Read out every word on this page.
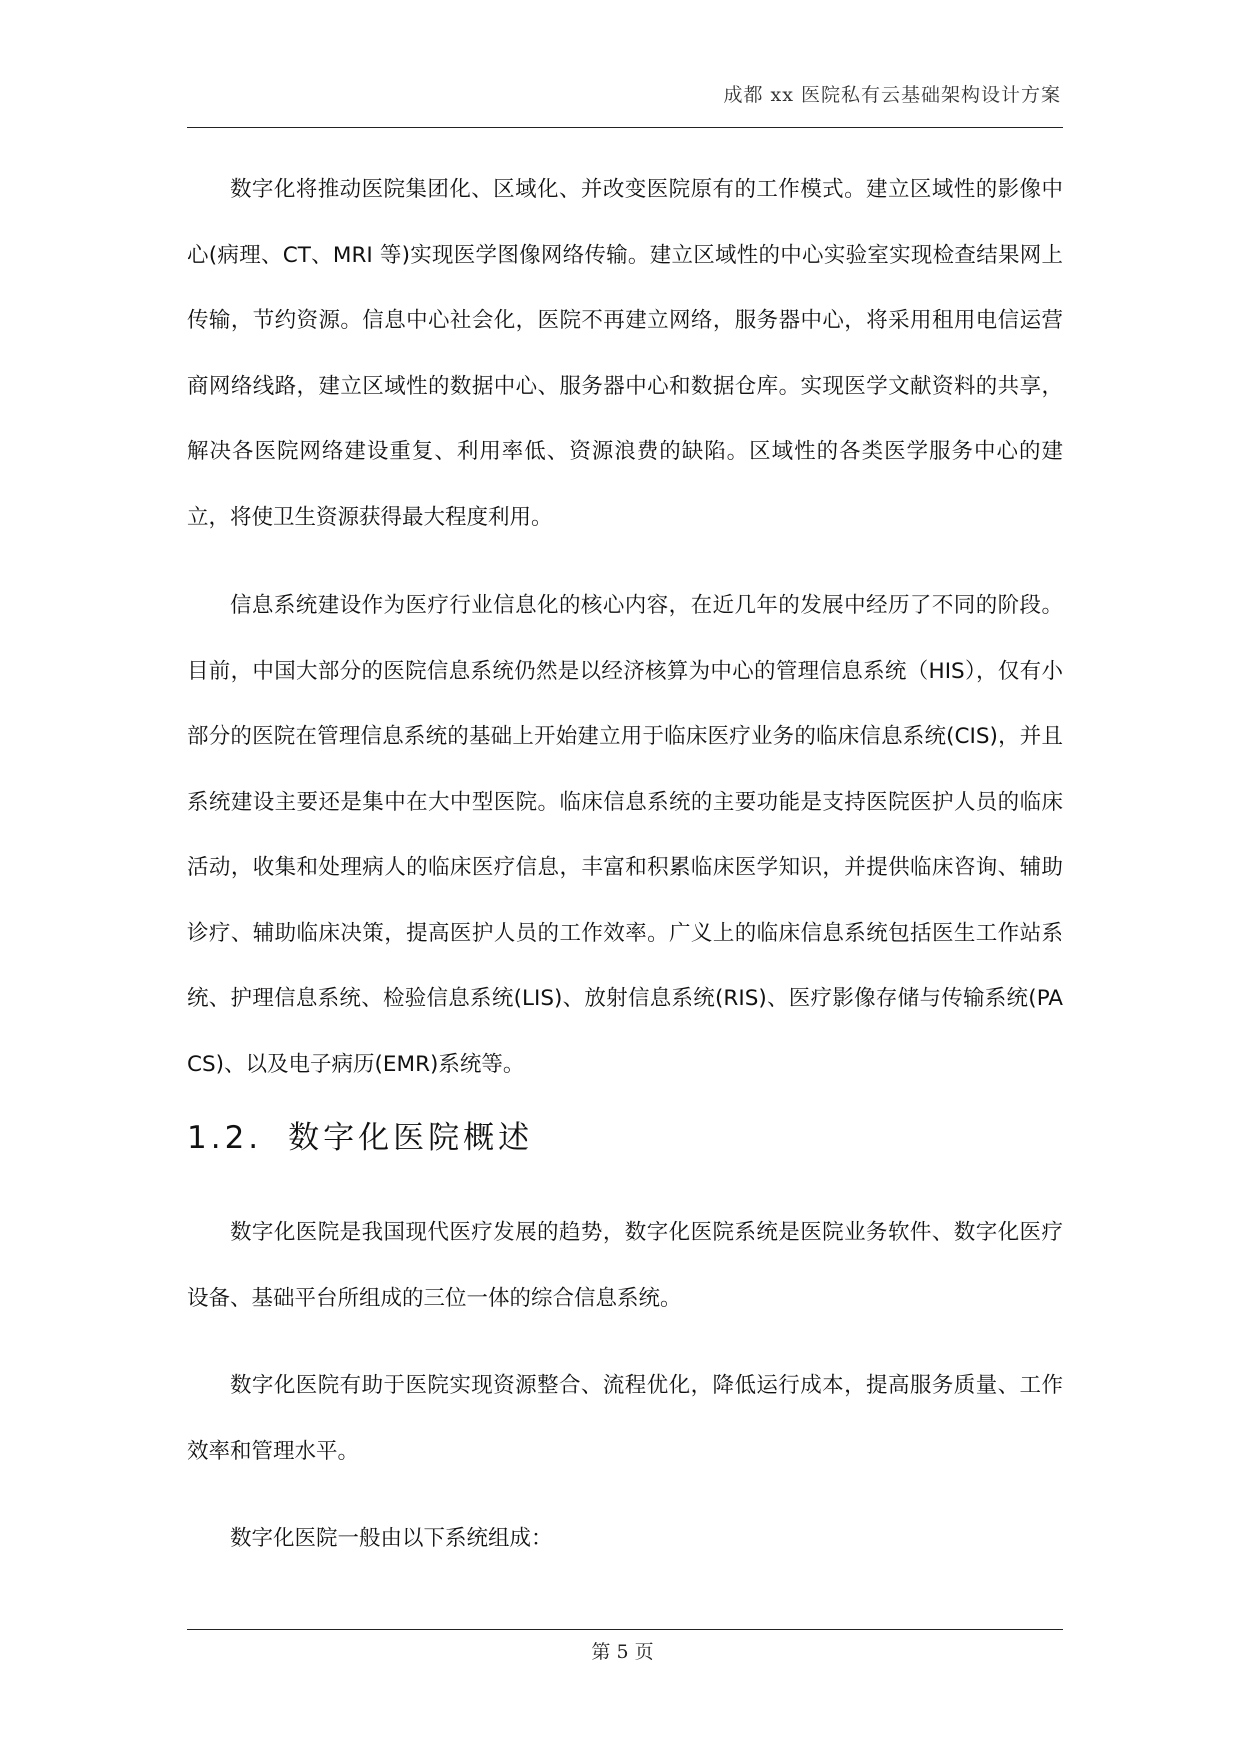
成都 xx 医院私有云基础架构设计方案

数字化将推动医院集团化、区域化、并改变医院原有的工作模式。建立区域性的影像中心(病理、CT、MRI 等)实现医学图像网络传输。建立区域性的中心实验室实现检查结果网上传输，节约资源。信息中心社会化，医院不再建立网络，服务器中心，将采用租用电信运营商网络线路，建立区域性的数据中心、服务器中心和数据仓库。实现医学文献资料的共享，解决各医院网络建设重复、利用率低、资源浪费的缺陷。区域性的各类医学服务中心的建立，将使卫生资源获得最大程度利用。

信息系统建设作为医疗行业信息化的核心内容，在近几年的发展中经历了不同的阶段。目前，中国大部分的医院信息系统仍然是以经济核算为中心的管理信息系统（HIS），仅有小部分的医院在管理信息系统的基础上开始建立用于临床医疗业务的临床信息系统(CIS)，并且系统建设主要还是集中在大中型医院。临床信息系统的主要功能是支持医院医护人员的临床活动，收集和处理病人的临床医疗信息，丰富和积累临床医学知识，并提供临床咨询、辅助诊疗、辅助临床决策，提高医护人员的工作效率。广义上的临床信息系统包括医生工作站系统、护理信息系统、检验信息系统(LIS)、放射信息系统(RIS)、医疗影像存储与传输系统(PACS)、以及电子病历(EMR)系统等。

1.2. 数字化医院概述

数字化医院是我国现代医疗发展的趋势，数字化医院系统是医院业务软件、数字化医疗设备、基础平台所组成的三位一体的综合信息系统。

数字化医院有助于医院实现资源整合、流程优化，降低运行成本，提高服务质量、工作效率和管理水平。

数字化医院一般由以下系统组成：

第 5 页
